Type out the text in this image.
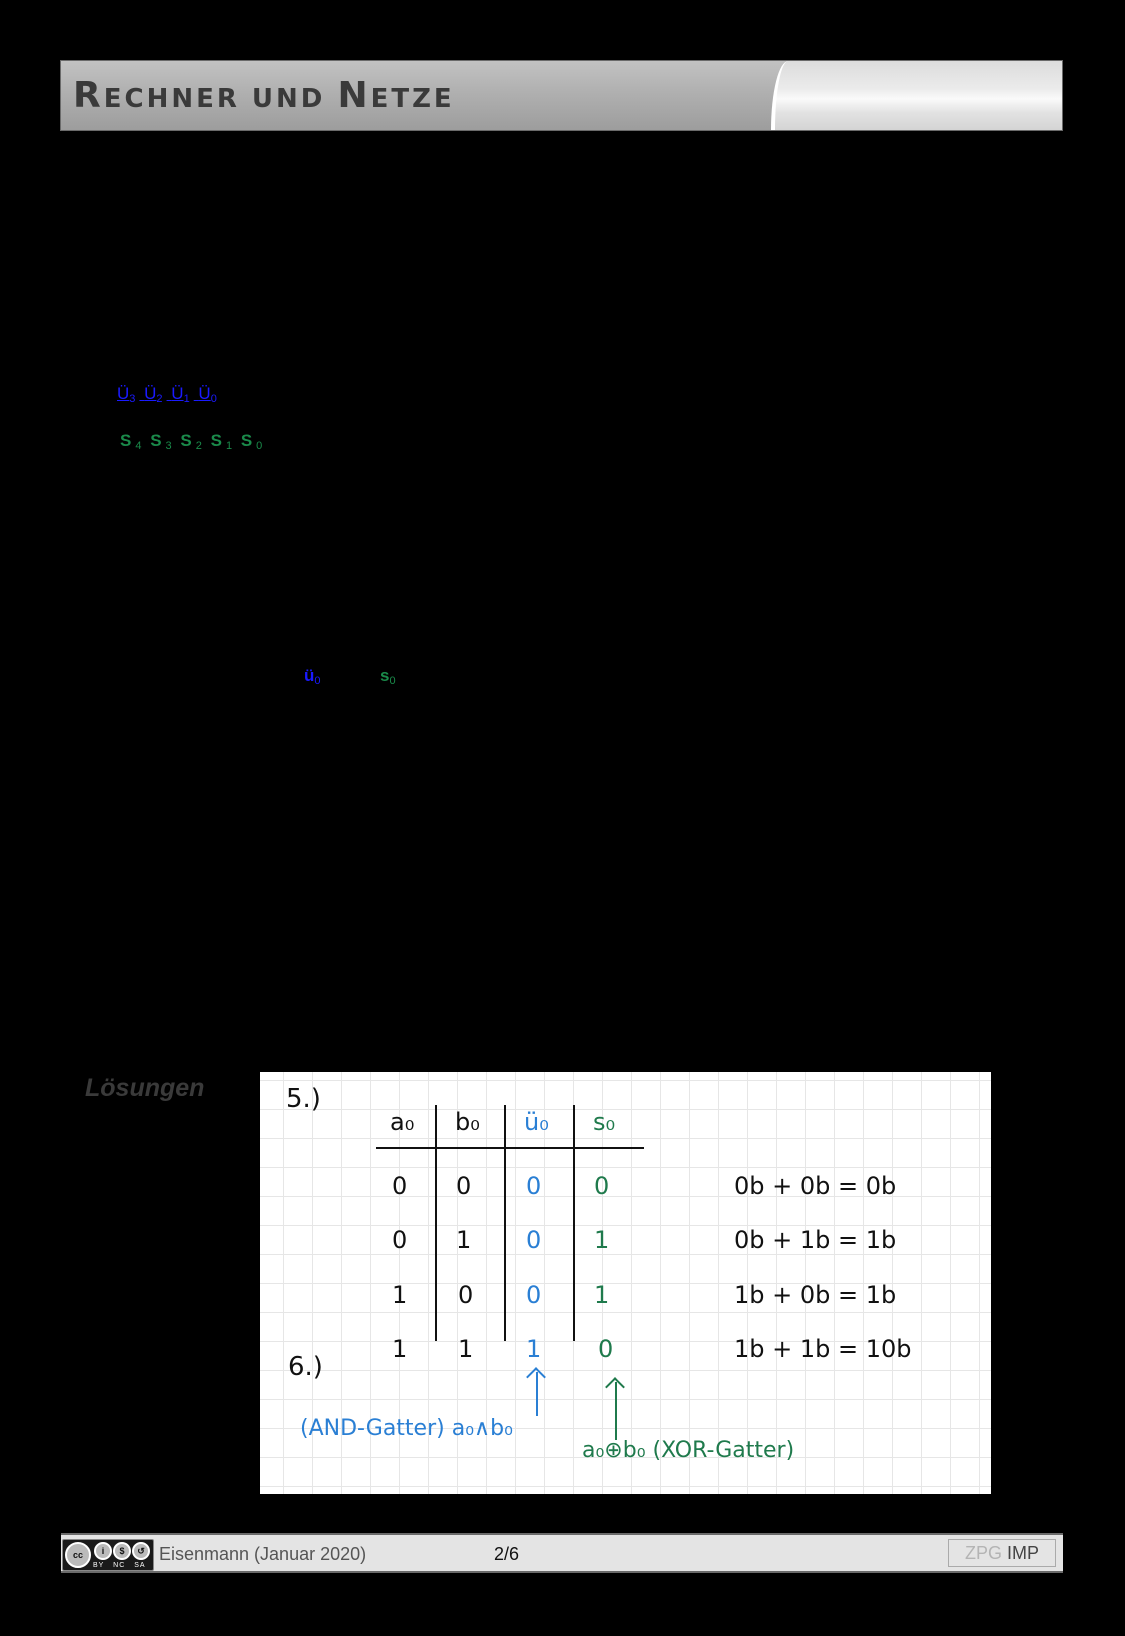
RECHNER UND NETZE
$Ü_3$ $Ü_2$ $Ü_1$ $Ü_0$
S $_4$ S $_3$ S $_2$ S $_1$ S $_0$
$ü_0$	$s_0$
Lösungen	5.)
a₀ b₀ ü₀ s₀
0 0 0 0
0 1 0 1
1 0 0 1
1 1 1 0
0b + 0b = 0b
0b + 1b = 1b
1b + 0b = 1b
1b + 1b = 10b
6.)
(AND-Gatter) a₀∧b₀
a₀⊕b₀ (XOR-Gatter)
cc	i	$	↺
BY NC SA
Eisenmann (Januar 2020)	2/6	ZPG IMP
